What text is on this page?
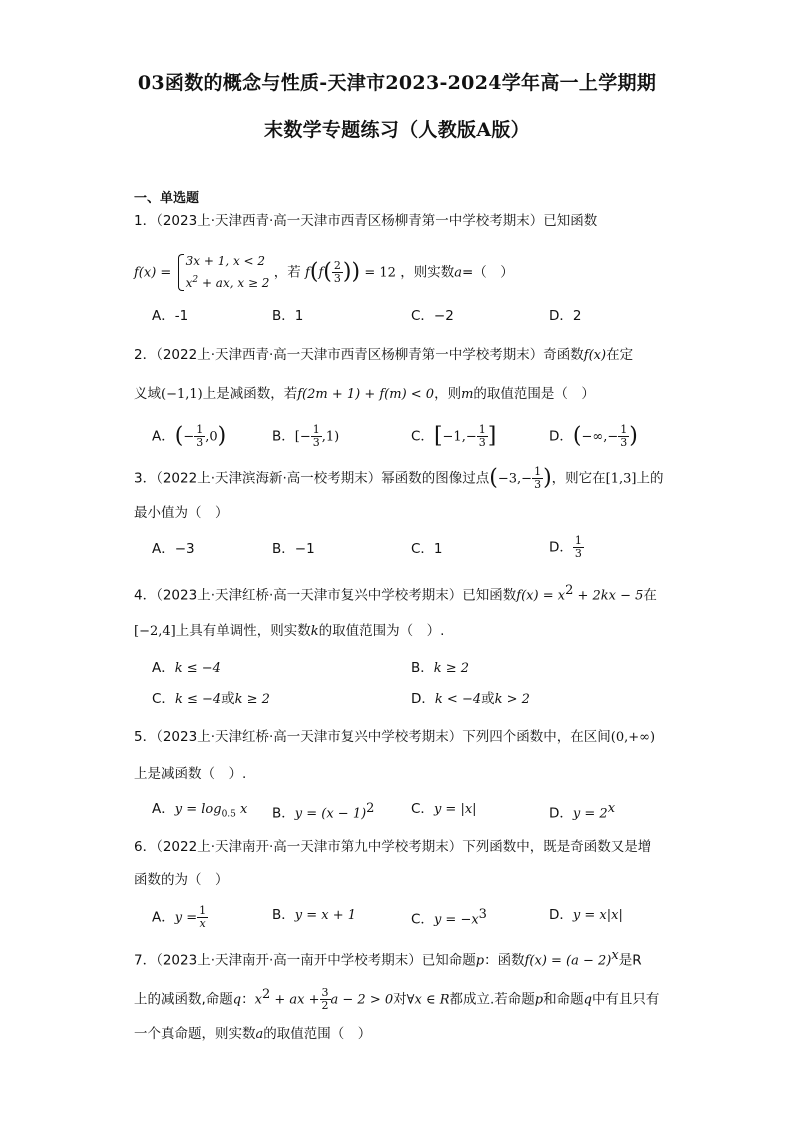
03函数的概念与性质-天津市2023-2024学年高一上学期期
末数学专题练习（人教版A版）
一、单选题
1．（2023上·天津西青·高一天津市西青区杨柳青第一中学校考期末）已知函数
f(x) =
3x + 1, x < 2
$x^2$ + ax, x ≥ 2
，若 $f(f( \frac{2}{3}$ )) = 12 ，则实数a=（　）
A．-1	B．1	C．−2	D．2
2．（2022上·天津西青·高一天津市西青区杨柳青第一中学校考期末）奇函数f(x)在定
义域(−1,1)上是减函数，若f(2m + 1) + f(m) < 0，则m的取值范围是（　）
A．(− $\frac{1}{3} ,0$)	B．[− $\frac{1}{3} ,1$)	C．[$-1,- \frac{1}{3}$ ]	D．(−∞,− $\frac{1}{3}$ )
3．（2022上·天津滨海新·高一校考期末）幂函数的图像过点($-3,- \frac{1}{3}$ )，则它在[1,3]上的
最小值为（　）
A．−3	B．−1	C．1	D． $\frac{1}{3}$
4．（2023上·天津红桥·高一天津市复兴中学校考期末）已知函数$f(x) = x^2 + 2kx - 5$在
[−2,4]上具有单调性，则实数k的取值范围为（　）.
A．k ≤ −4	B．k ≥ 2
C．k ≤ −4或k ≥ 2	D．k < −4或k > 2
5．（2023上·天津红桥·高一天津市复兴中学校考期末）下列四个函数中，在区间(0,+∞)
上是减函数（　）.
A．$y = \log_{0.5} x$ B．$y = (x - 1)^2$	C．y = |x|	D．$y = 2^x$
6．（2022上·天津南开·高一天津市第九中学校考期末）下列函数中，既是奇函数又是增
函数的为（　）
A．$y = \frac{1}{x}$	B．y = x + 1	C．$y = -x^3$	D．y = x|x|
7．（2023上·天津南开·高一南开中学校考期末）已知命题p：函数$f(x) = (a - 2)^x$是R
上的减函数,命题q：$x^2$ + ax + $\frac{3}{2}$ a − 2 > 0对∀x ∈ R都成立.若命题p和命题q中有且只有
一个真命题，则实数a的取值范围（　）
